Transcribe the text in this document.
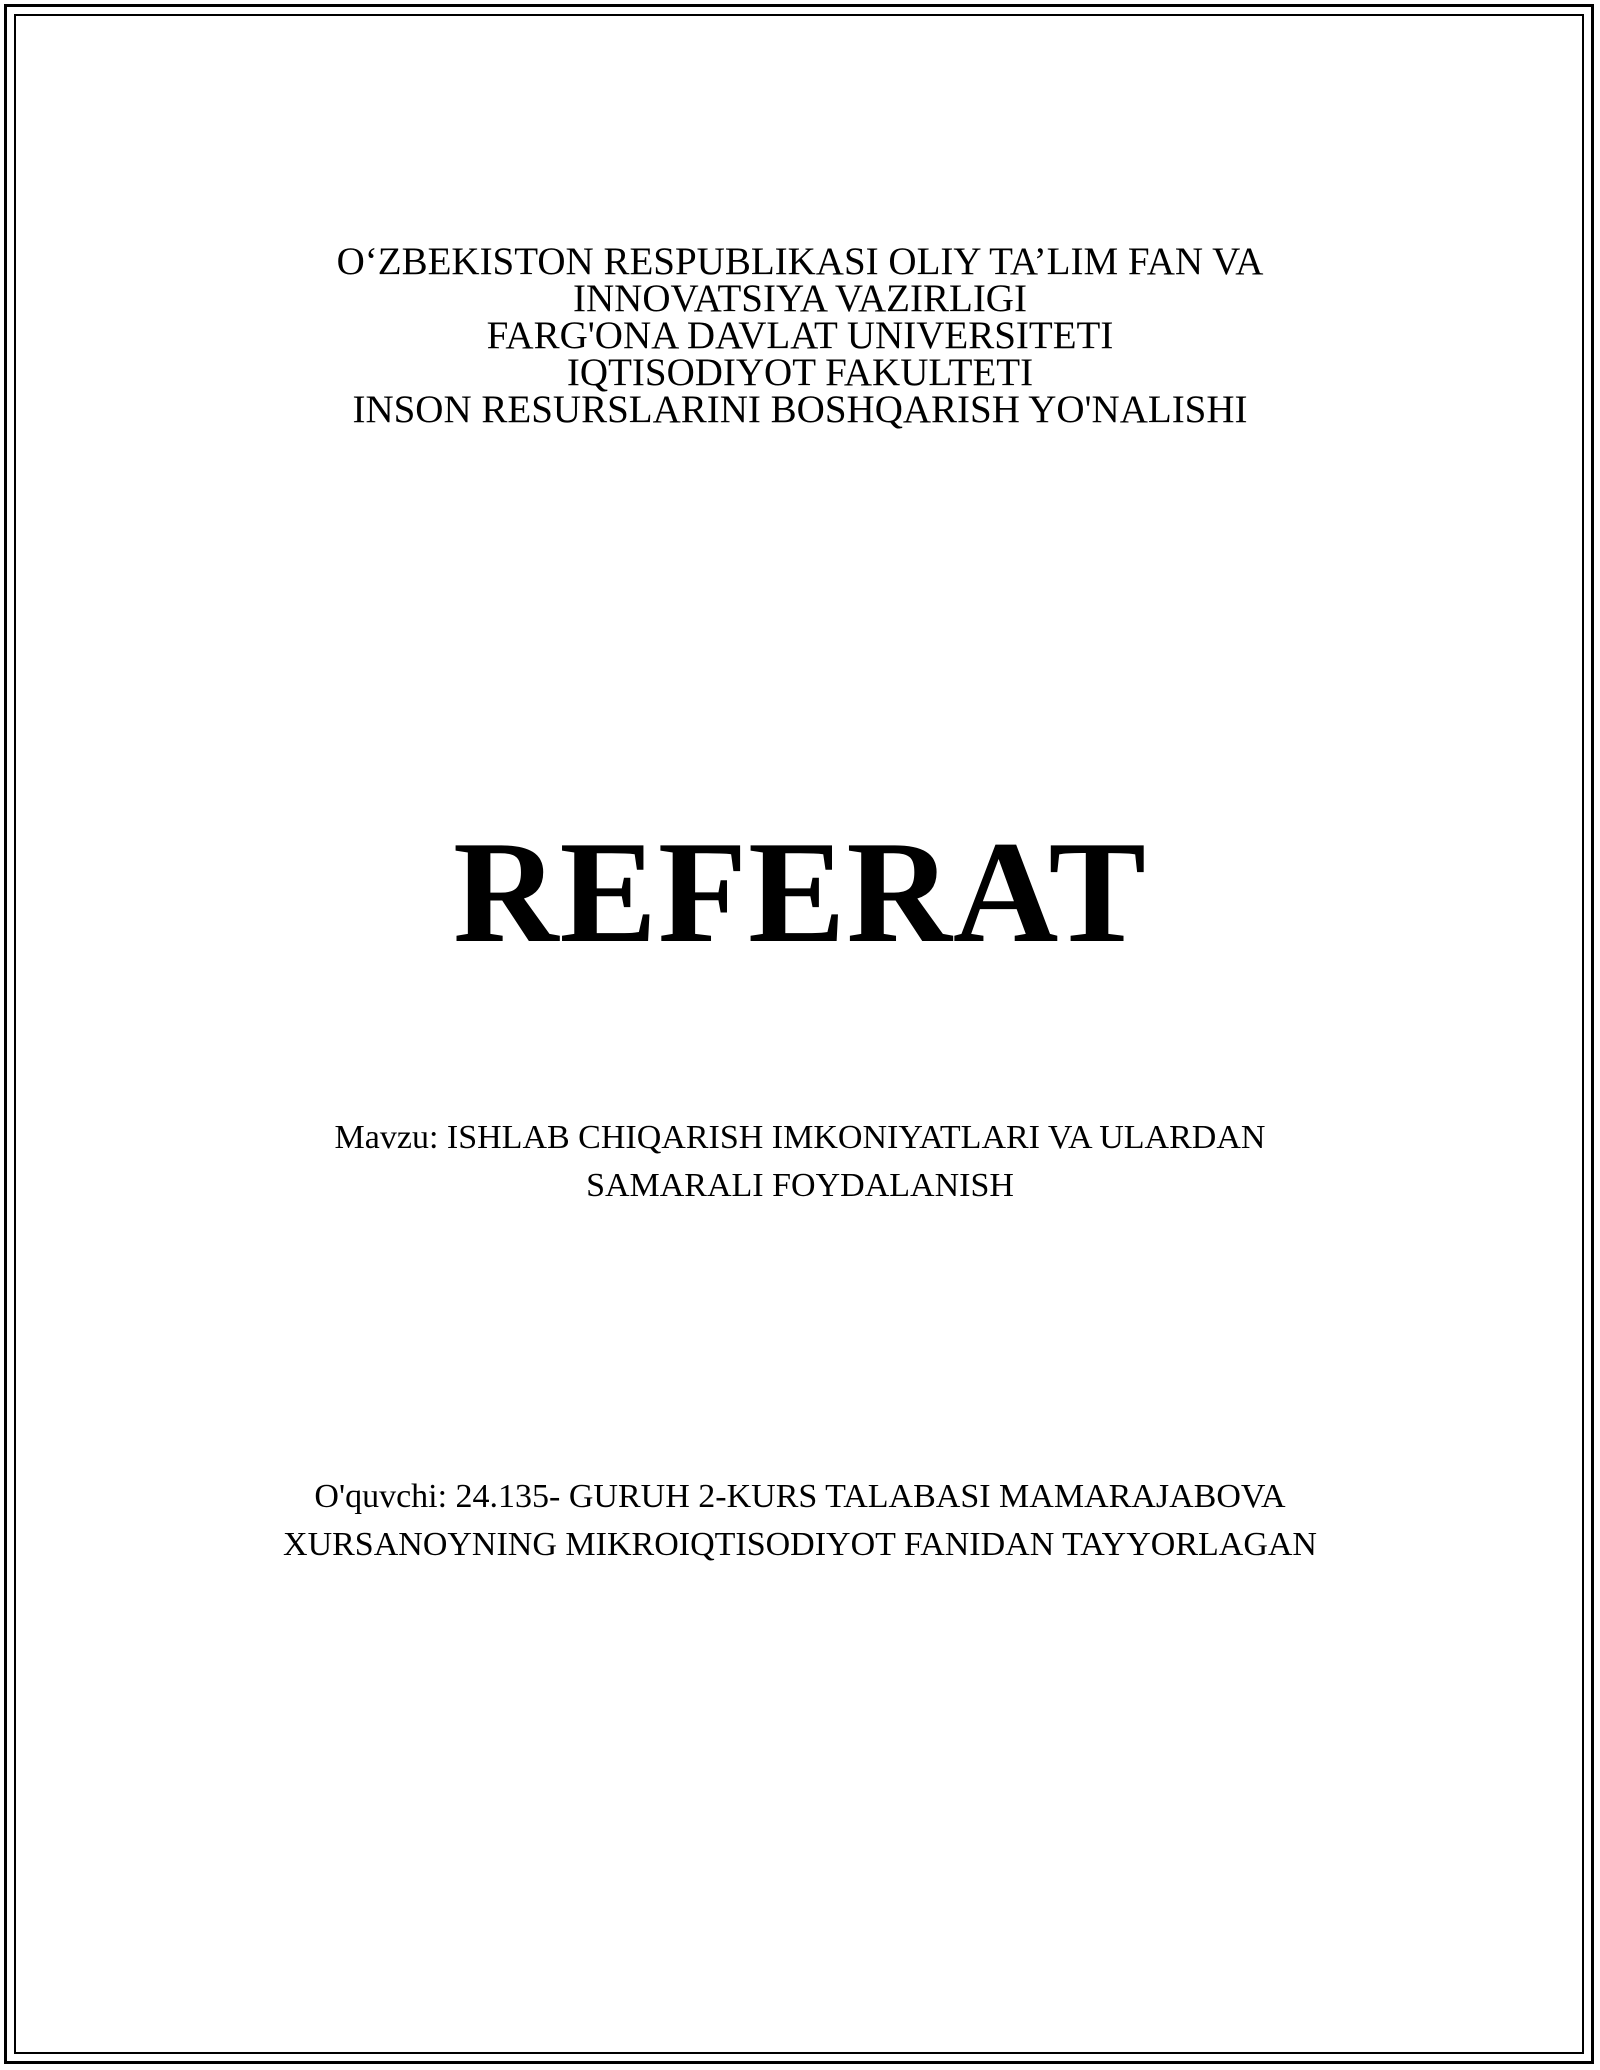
O‘ZBEKISTON RESPUBLIKASI OLIY TA’LIM FAN VA
INNOVATSIYA VAZIRLIGI
FARG'ONA DAVLAT UNIVERSITETI
IQTISODIYOT FAKULTETI
INSON RESURSLARINI BOSHQARISH YO'NALISHI
REFERAT
Mavzu: ISHLAB CHIQARISH IMKONIYATLARI VA ULARDAN
SAMARALI FOYDALANISH
O'quvchi: 24.135- GURUH 2-KURS TALABASI MAMARAJABOVA
XURSANOYNING MIKROIQTISODIYOT FANIDAN TAYYORLAGAN
